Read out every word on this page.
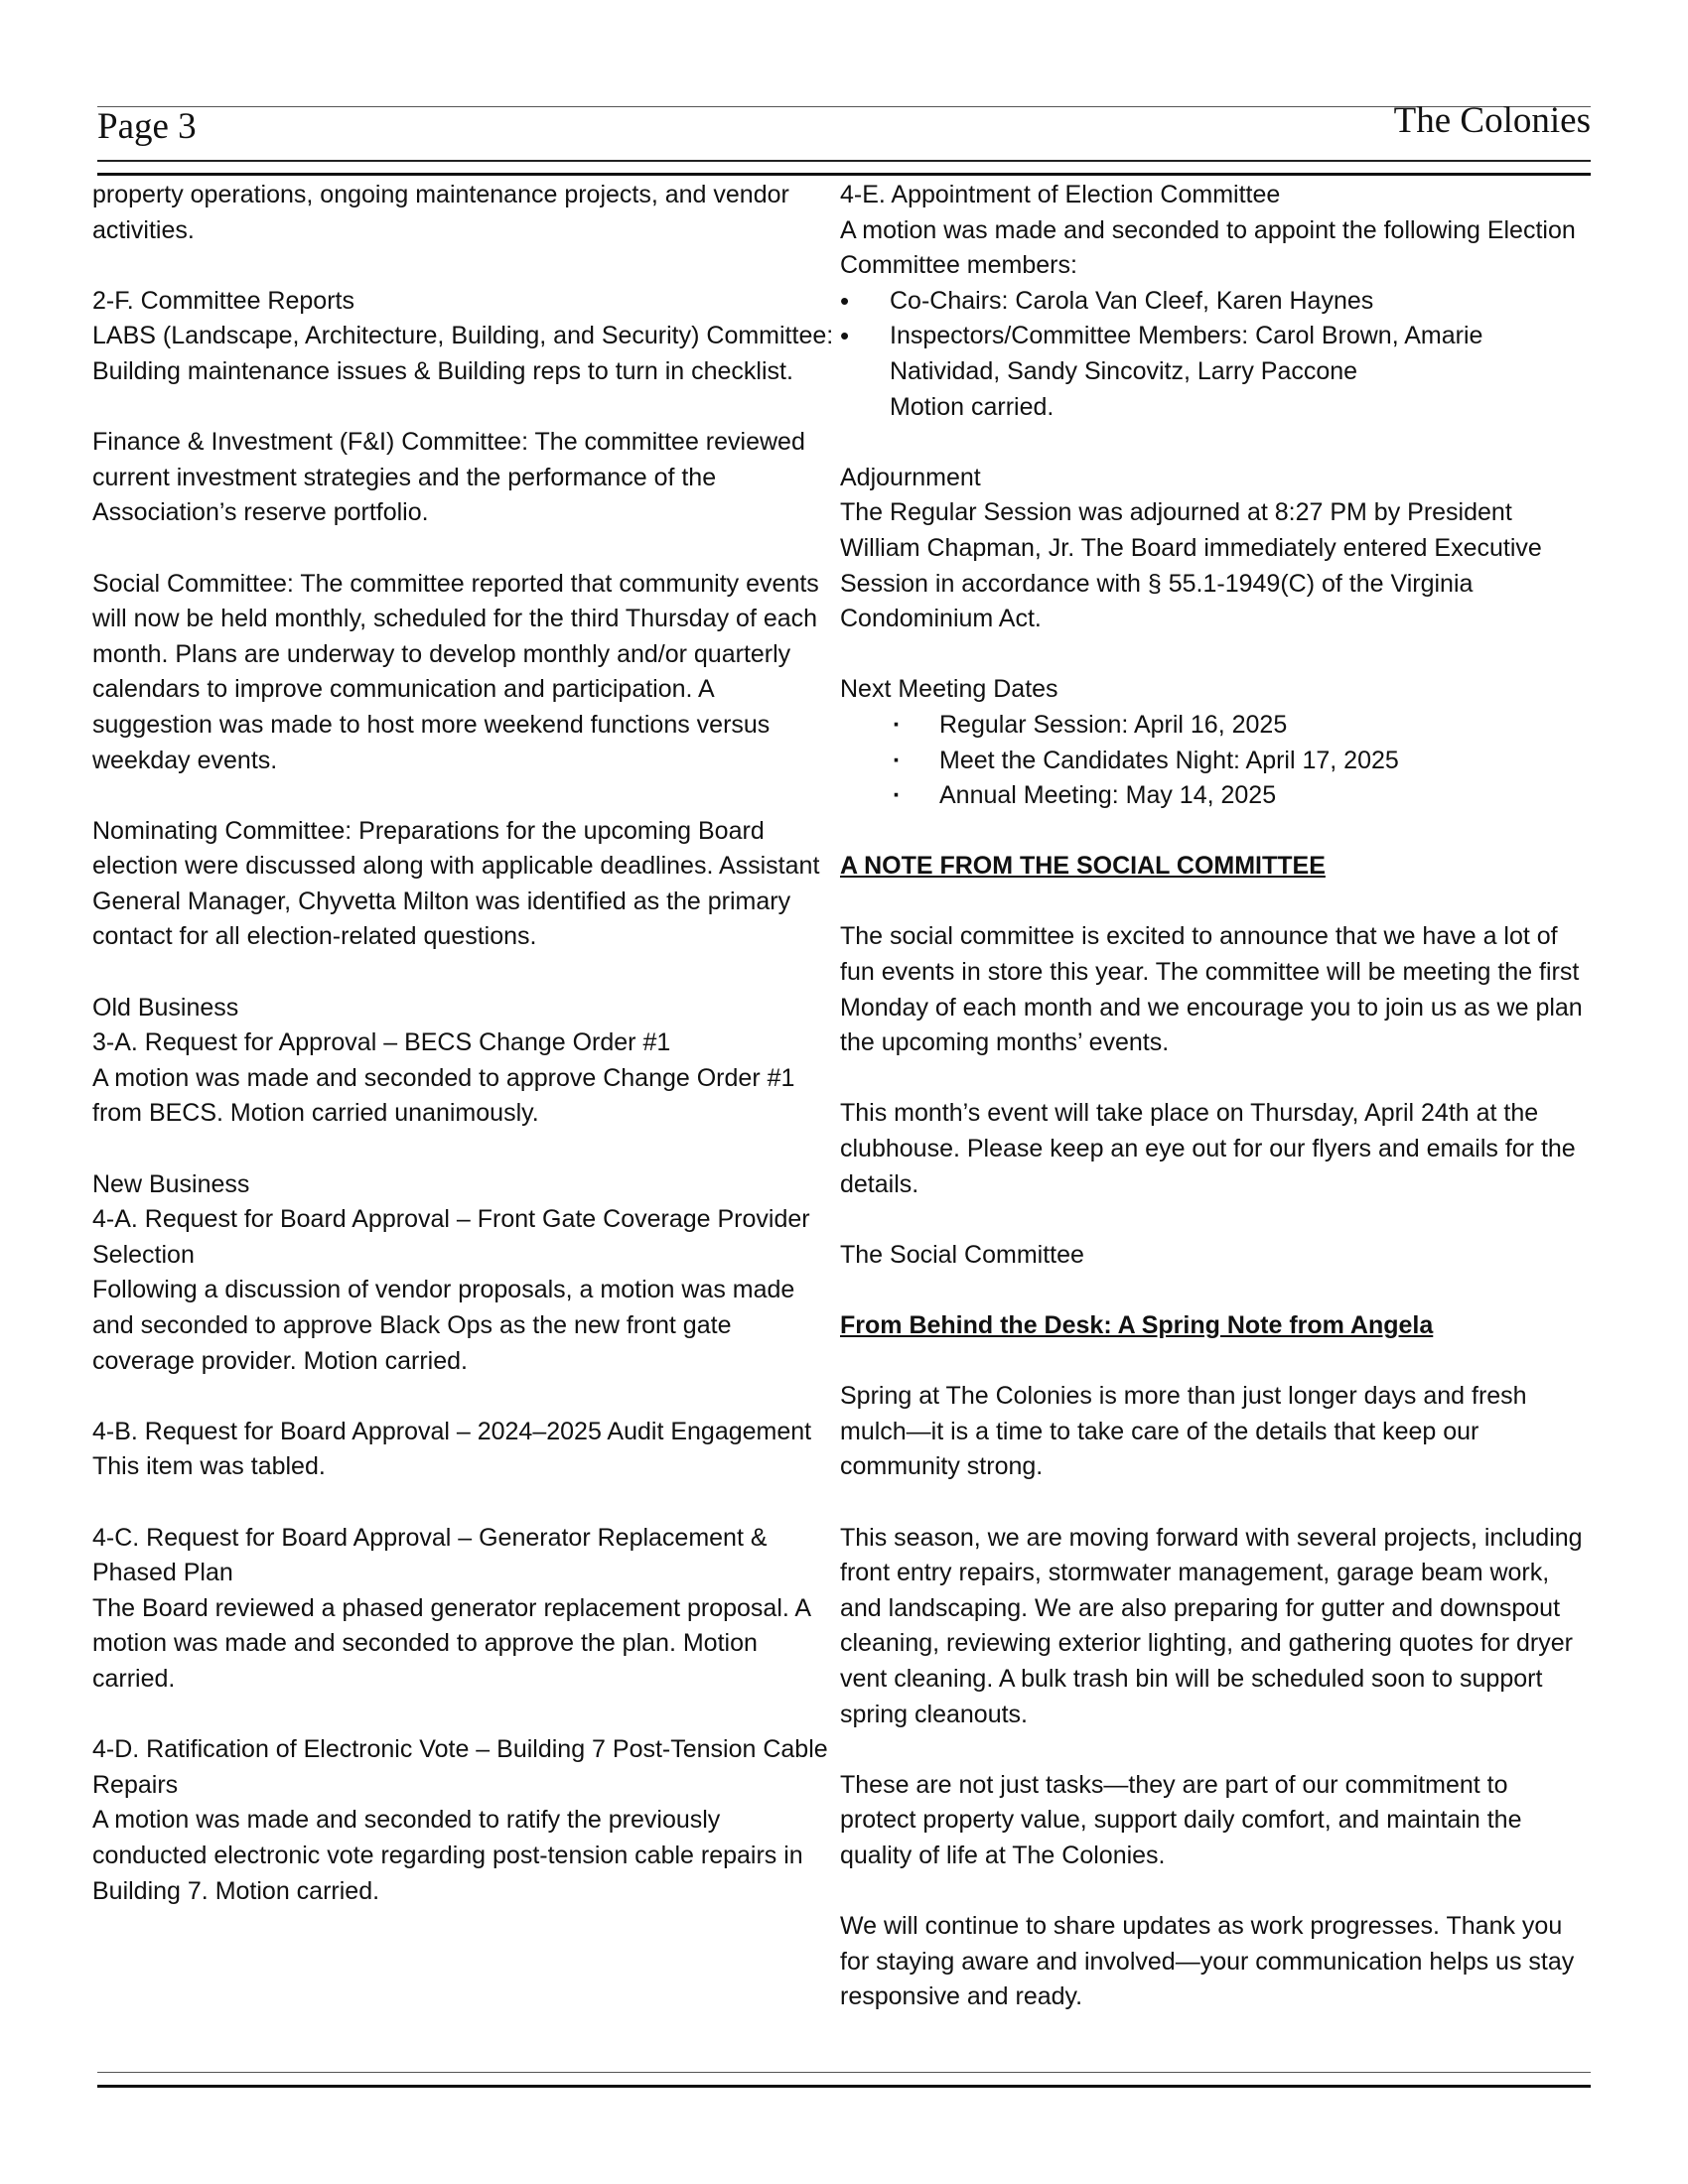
Page 3	The Colonies

property operations, ongoing maintenance projects, and vendor activities.

2-F. Committee Reports

LABS (Landscape, Architecture, Building, and Security) Committee: Building maintenance issues & Building reps to turn in checklist.

Finance & Investment (F&I) Committee: The committee reviewed current investment strategies and the performance of the Association’s reserve portfolio.

Social Committee: The committee reported that community events will now be held monthly, scheduled for the third Thursday of each month. Plans are underway to develop monthly and/or quarterly calendars to improve communication and participation. A suggestion was made to host more weekend functions versus weekday events.

Nominating Committee: Preparations for the upcoming Board election were discussed along with applicable deadlines. Assistant General Manager, Chyvetta Milton was identified as the primary contact for all election-related questions.

Old Business

3-A. Request for Approval – BECS Change Order #1

A motion was made and seconded to approve Change Order #1 from BECS. Motion carried unanimously.

New Business

4-A. Request for Board Approval – Front Gate Coverage Provider Selection

Following a discussion of vendor proposals, a motion was made and seconded to approve Black Ops as the new front gate coverage provider. Motion carried.

4-B. Request for Board Approval – 2024–2025 Audit Engagement

This item was tabled.

4-C. Request for Board Approval – Generator Replacement & Phased Plan

The Board reviewed a phased generator replacement proposal. A motion was made and seconded to approve the plan. Motion carried.

4-D. Ratification of Electronic Vote – Building 7 Post-Tension Cable Repairs

A motion was made and seconded to ratify the previously conducted electronic vote regarding post-tension cable repairs in Building 7. Motion carried.

4-E. Appointment of Election Committee

A motion was made and seconded to appoint the following Election Committee members:

• Co-Chairs: Carola Van Cleef, Karen Haynes
• Inspectors/Committee Members: Carol Brown, Amarie Natividad, Sandy Sincovitz, Larry Paccone

Motion carried.

Adjournment

The Regular Session was adjourned at 8:27 PM by President William Chapman, Jr. The Board immediately entered Executive Session in accordance with § 55.1-1949(C) of the Virginia Condominium Act.

Next Meeting Dates

· Regular Session: April 16, 2025
· Meet the Candidates Night: April 17, 2025
· Annual Meeting: May 14, 2025

A NOTE FROM THE SOCIAL COMMITTEE

The social committee is excited to announce that we have a lot of fun events in store this year. The committee will be meeting the first Monday of each month and we encourage you to join us as we plan the upcoming months’ events.

This month’s event will take place on Thursday, April 24th at the clubhouse. Please keep an eye out for our flyers and emails for the details.

The Social Committee

From Behind the Desk: A Spring Note from Angela

Spring at The Colonies is more than just longer days and fresh mulch—it is a time to take care of the details that keep our community strong.

This season, we are moving forward with several projects, including front entry repairs, stormwater management, garage beam work, and landscaping. We are also preparing for gutter and downspout cleaning, reviewing exterior lighting, and gathering quotes for dryer vent cleaning. A bulk trash bin will be scheduled soon to support spring cleanouts.

These are not just tasks—they are part of our commitment to protect property value, support daily comfort, and maintain the quality of life at The Colonies.

We will continue to share updates as work progresses. Thank you for staying aware and involved—your communication helps us stay responsive and ready.
